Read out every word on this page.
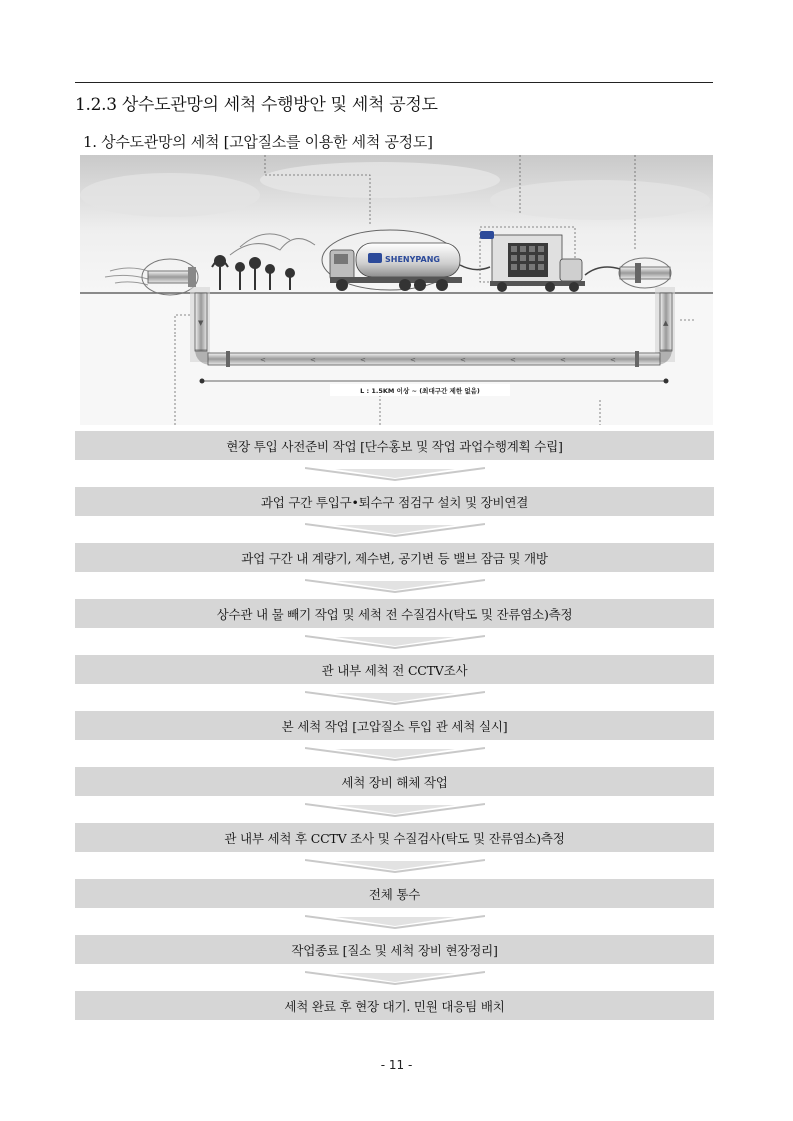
1.2.3 상수도관망의 세척 수행방안 및 세척 공정도
1. 상수도관망의 세척 [고압질소를 이용한 세척 공정도]
SHENYPANG
<	<	<	<	<	<	<	<
▼	▲
L : 1.5KM 이상 ~ (최대구간 제한 없음)
현장 투입 사전준비 작업 [단수홍보 및 작업 과업수행계획 수립]
과업 구간 투입구•퇴수구 점검구 설치 및 장비연결
과업 구간 내 계량기, 제수변, 공기변 등 밸브 잠금 및 개방
상수관 내 물 빼기 작업 및 세척 전 수질검사(탁도 및 잔류염소)측정
관 내부 세척 전 CCTV조사
본 세척 작업 [고압질소 투입 관 세척 실시]
세척 장비 해체 작업
관 내부 세척 후 CCTV 조사 및 수질검사(탁도 및 잔류염소)측정
전체 통수
작업종료 [질소 및 세척 장비 현장정리]
세척 완료 후 현장 대기. 민원 대응팀 배치
- 11 -
